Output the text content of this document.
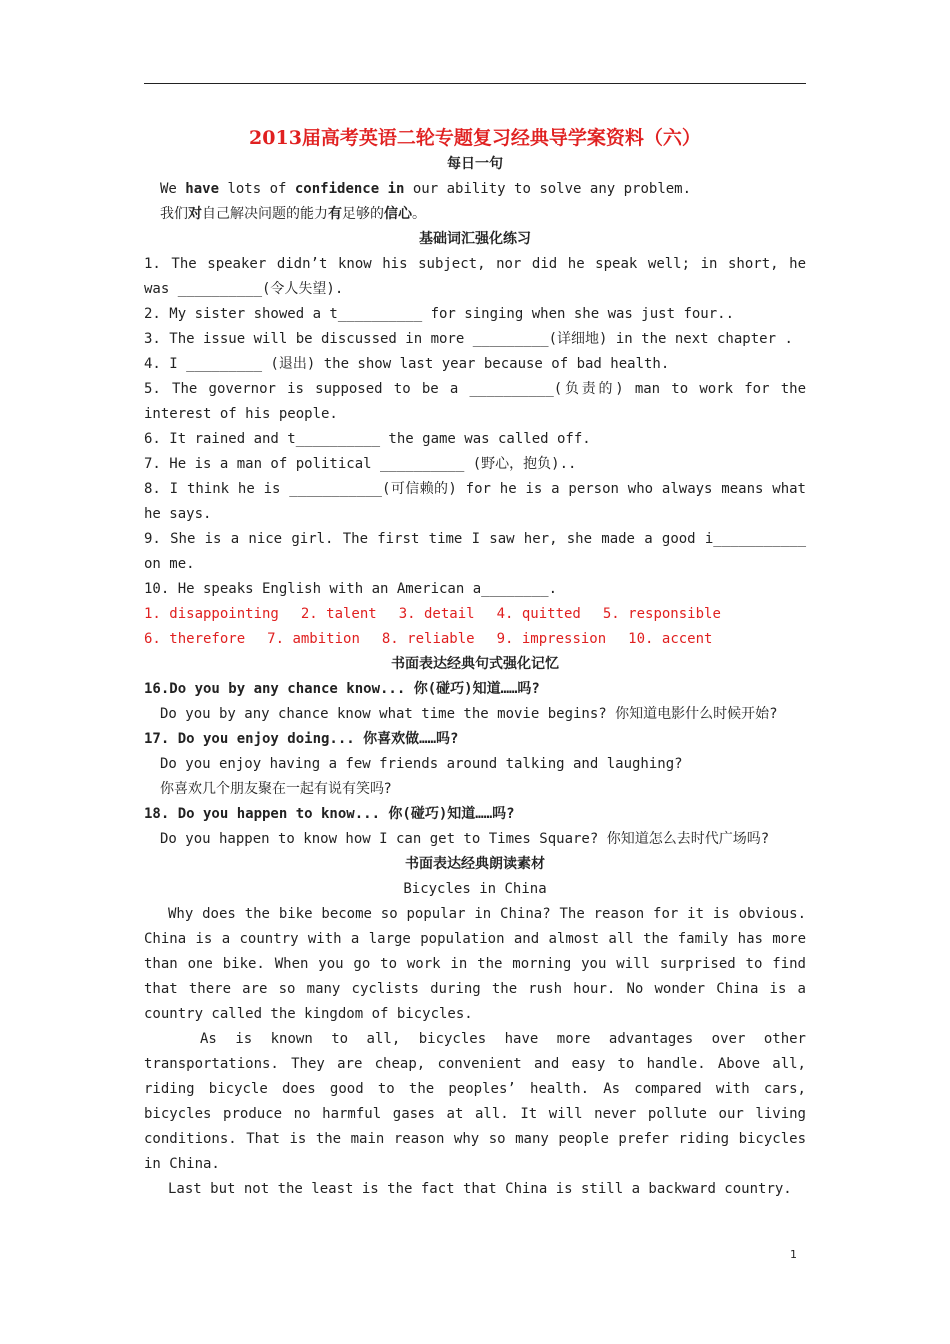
2013届高考英语二轮专题复习经典导学案资料（六）
每日一句
We have lots of confidence in our ability to solve any problem.
我们对自己解决问题的能力有足够的信心。
基础词汇强化练习
1. The speaker didn’t know his subject, nor did he speak well; in short, he was __________(令人失望).
2. My sister showed a t__________ for singing when she was just four..
3. The issue will be discussed in more _________(详细地) in the next chapter .
4. I _________ (退出) the show last year because of bad health.
5. The governor is supposed to be a __________(负责的) man to work for the interest of his people.
6. It rained and t__________ the game was called off.
7. He is a man of political __________ (野心，抱负)..
8. I think he is ___________(可信赖的) for he is a person who always means what he says.
9. She is a nice girl. The first time I saw her, she made a good i___________ on me.
10. He speaks English with an American a________.
1. disappointing 2. talent 3. detail 4. quitted 5. responsible
6. therefore 7. ambition 8. reliable 9. impression 10. accent
书面表达经典句式强化记忆
16.Do you by any chance know... 你(碰巧)知道……吗?
Do you by any chance know what time the movie begins? 你知道电影什么时候开始?
17. Do you enjoy doing... 你喜欢做……吗?
Do you enjoy having a few friends around talking and laughing?
你喜欢几个朋友聚在一起有说有笑吗?
18. Do you happen to know... 你(碰巧)知道……吗?
Do you happen to know how I can get to Times Square? 你知道怎么去时代广场吗?
书面表达经典朗读素材
Bicycles in China
Why does the bike become so popular in China? The reason for it is obvious. China is a country with a large population and almost all the family has more than one bike. When you go to work in the morning you will surprised to find that there are so many cyclists during the rush hour. No wonder China is a country called the kingdom of bicycles.
As is known to all, bicycles have more advantages over other transportations. They are cheap, convenient and easy to handle. Above all, riding bicycle does good to the peoples’ health. As compared with cars, bicycles produce no harmful gases at all. It will never pollute our living conditions. That is the main reason why so many people prefer riding bicycles in China.
Last but not the least is the fact that China is still a backward country.
1
